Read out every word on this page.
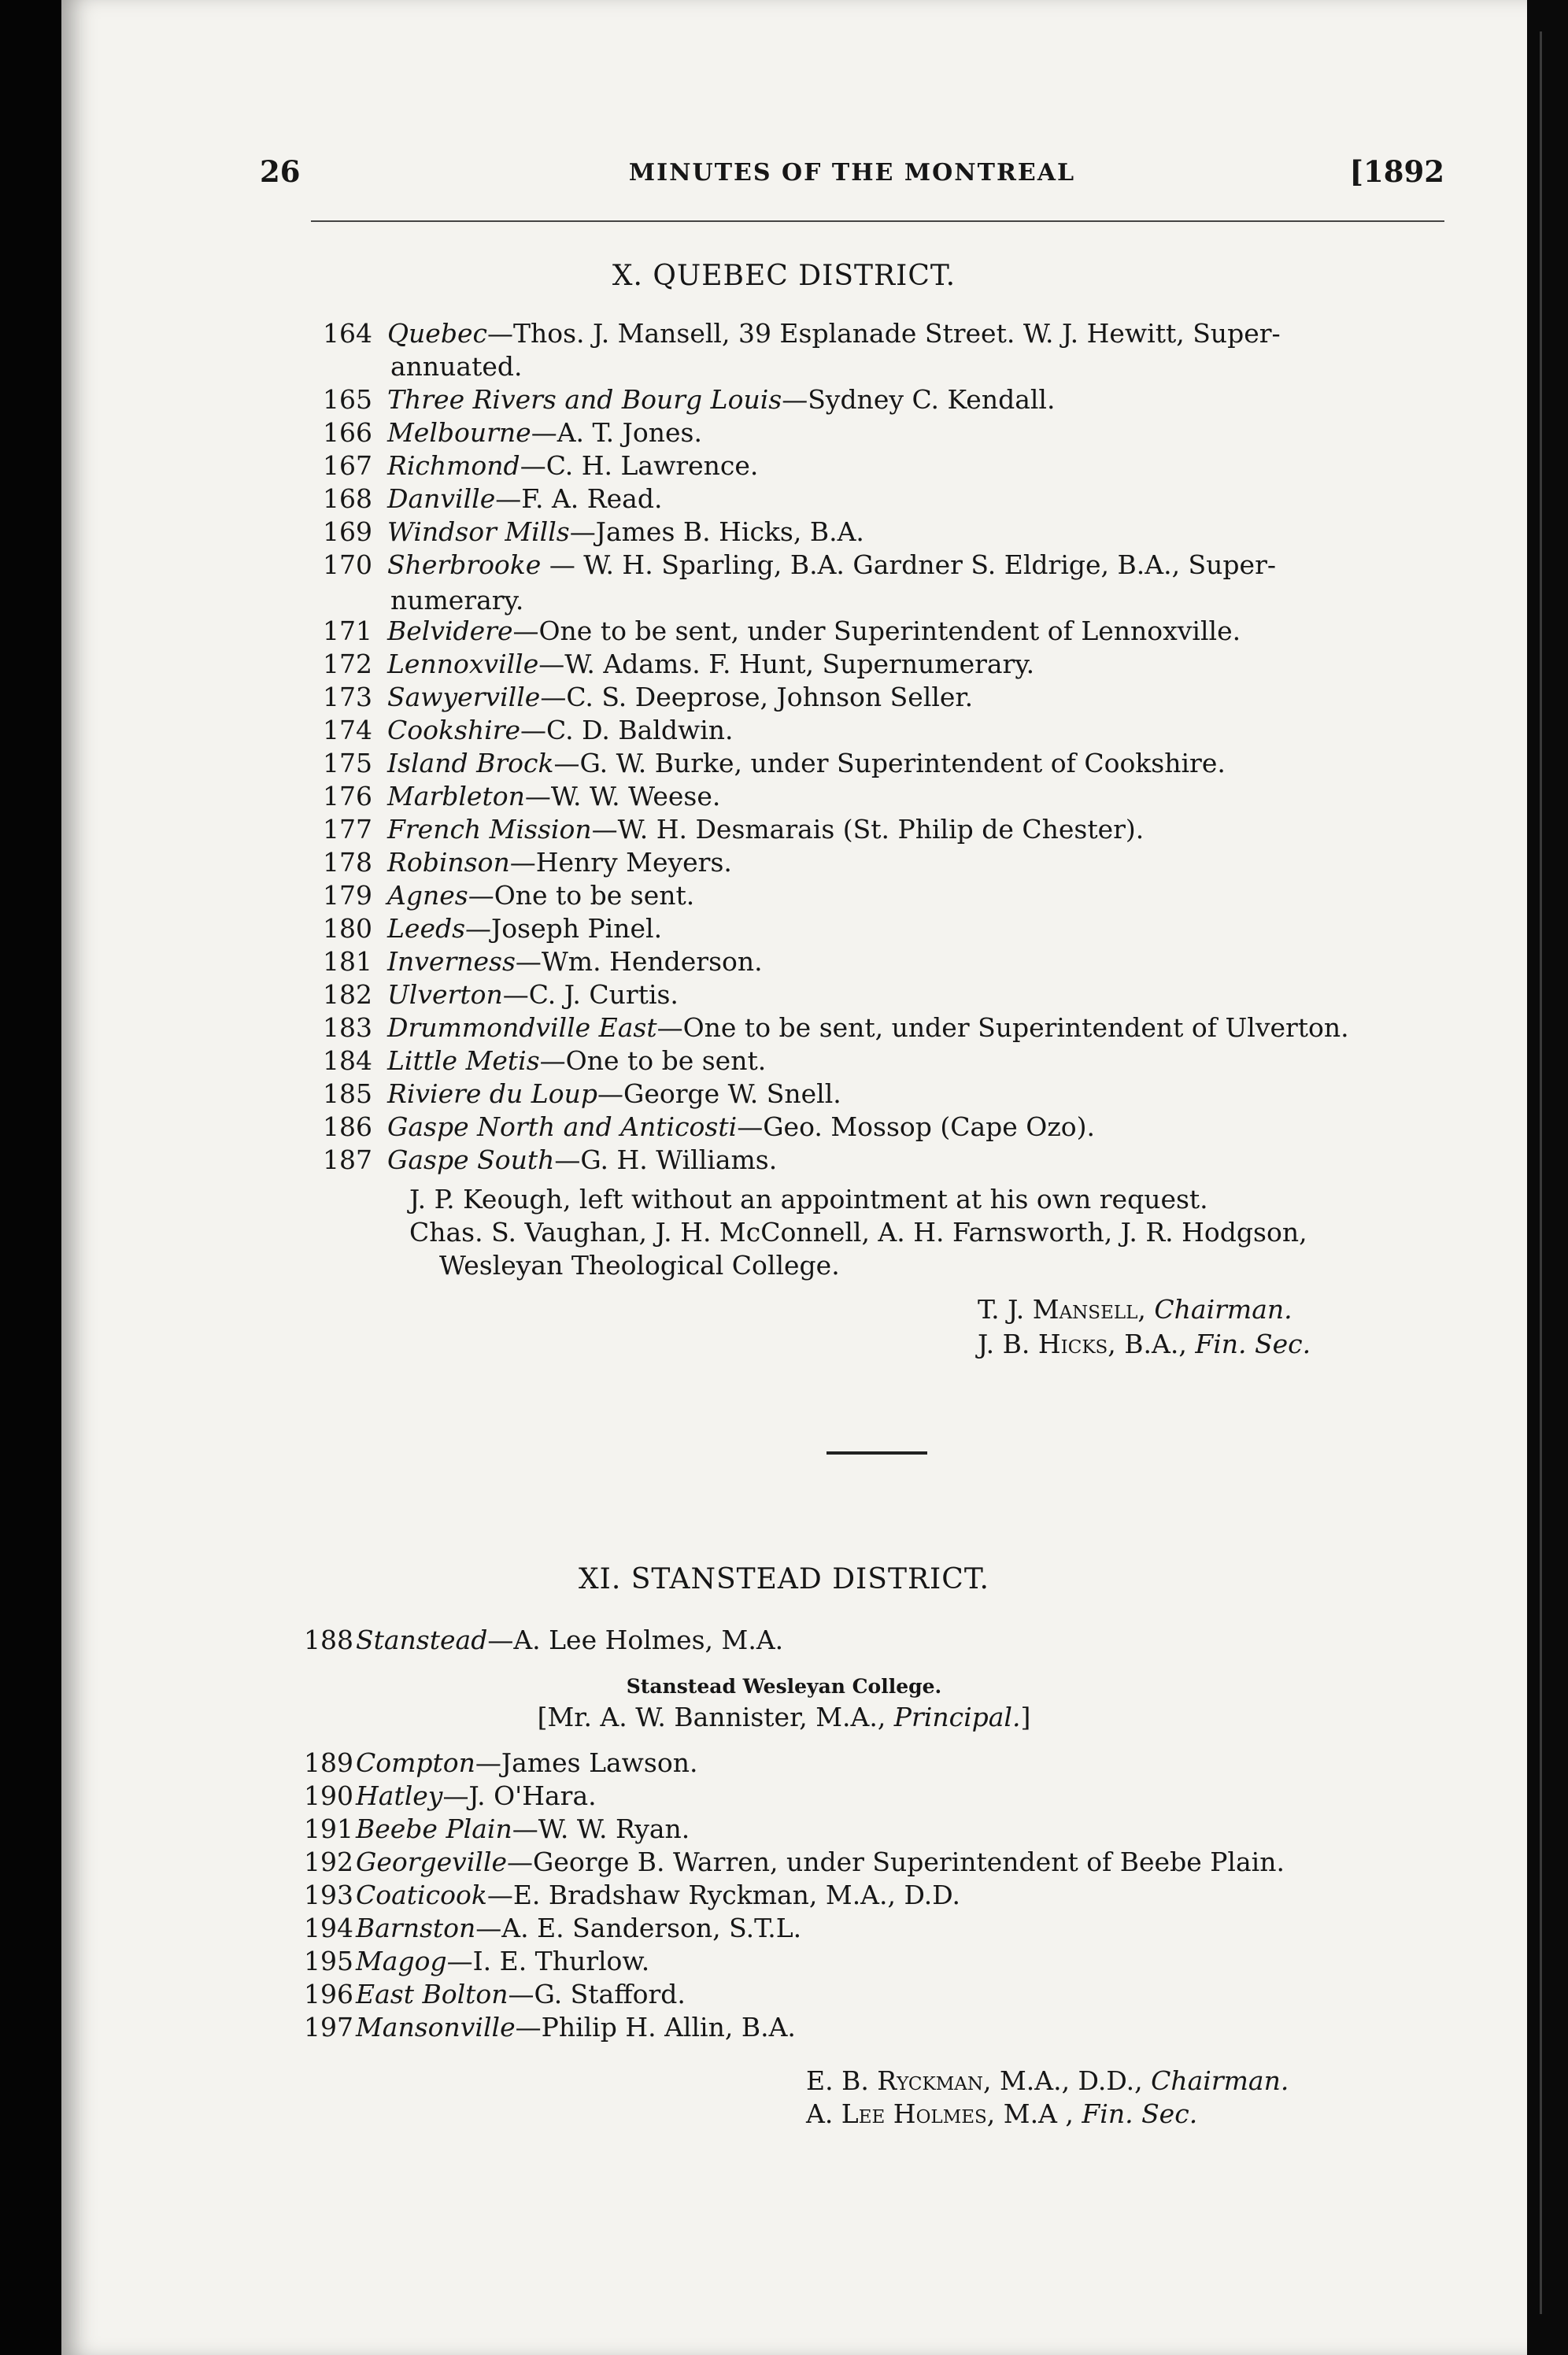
26	MINUTES OF THE MONTREAL	[1892
X. QUEBEC DISTRICT.
164 Quebec—Thos. J. Mansell, 39 Esplanade Street. W. J. Hewitt, Super-
165 Three Rivers and Bourg Louis—Sydney C. Kendall.
166 Melbourne—A. T. Jones.
167 Richmond—C. H. Lawrence.
168 Danville—F. A. Read.
169 Windsor Mills—James B. Hicks, B.A.
170 Sherbrooke — W. H. Sparling, B.A. Gardner S. Eldrige, B.A., Super-
171 Belvidere—One to be sent, under Superintendent of Lennoxville.
172 Lennoxville—W. Adams. F. Hunt, Supernumerary.
173 Sawyerville—C. S. Deeprose, Johnson Seller.
174 Cookshire—C. D. Baldwin.
175 Island Brock—G. W. Burke, under Superintendent of Cookshire.
176 Marbleton—W. W. Weese.
177 French Mission—W. H. Desmarais (St. Philip de Chester).
178 Robinson—Henry Meyers.
179 Agnes—One to be sent.
180 Leeds—Joseph Pinel.
181 Inverness—Wm. Henderson.
182 Ulverton—C. J. Curtis.
183 Drummondville East—One to be sent, under Superintendent of Ulverton.
184 Little Metis—One to be sent.
185 Riviere du Loup—George W. Snell.
186 Gaspe North and Anticosti—Geo. Mossop (Cape Ozo).
187 Gaspe South—G. H. Williams.
annuated.
numerary.
J. P. Keough, left without an appointment at his own request.
Chas. S. Vaughan, J. H. McConnell, A. H. Farnsworth, J. R. Hodgson,
Wesleyan Theological College.
T. J. Mansell, Chairman.
J. B. Hicks, B.A., Fin. Sec.
XI. STANSTEAD DISTRICT.
188Stanstead—A. Lee Holmes, M.A.
Stanstead Wesleyan College.
[Mr. A. W. Bannister, M.A., Principal.]
189Compton—James Lawson.
190Hatley—J. O'Hara.
191Beebe Plain—W. W. Ryan.
192Georgeville—George B. Warren, under Superintendent of Beebe Plain.
193Coaticook—E. Bradshaw Ryckman, M.A., D.D.
194Barnston—A. E. Sanderson, S.T.L.
195Magog—I. E. Thurlow.
196East Bolton—G. Stafford.
197Mansonville—Philip H. Allin, B.A.
E. B. Ryckman, M.A., D.D., Chairman.
A. Lee Holmes, M.A , Fin. Sec.
